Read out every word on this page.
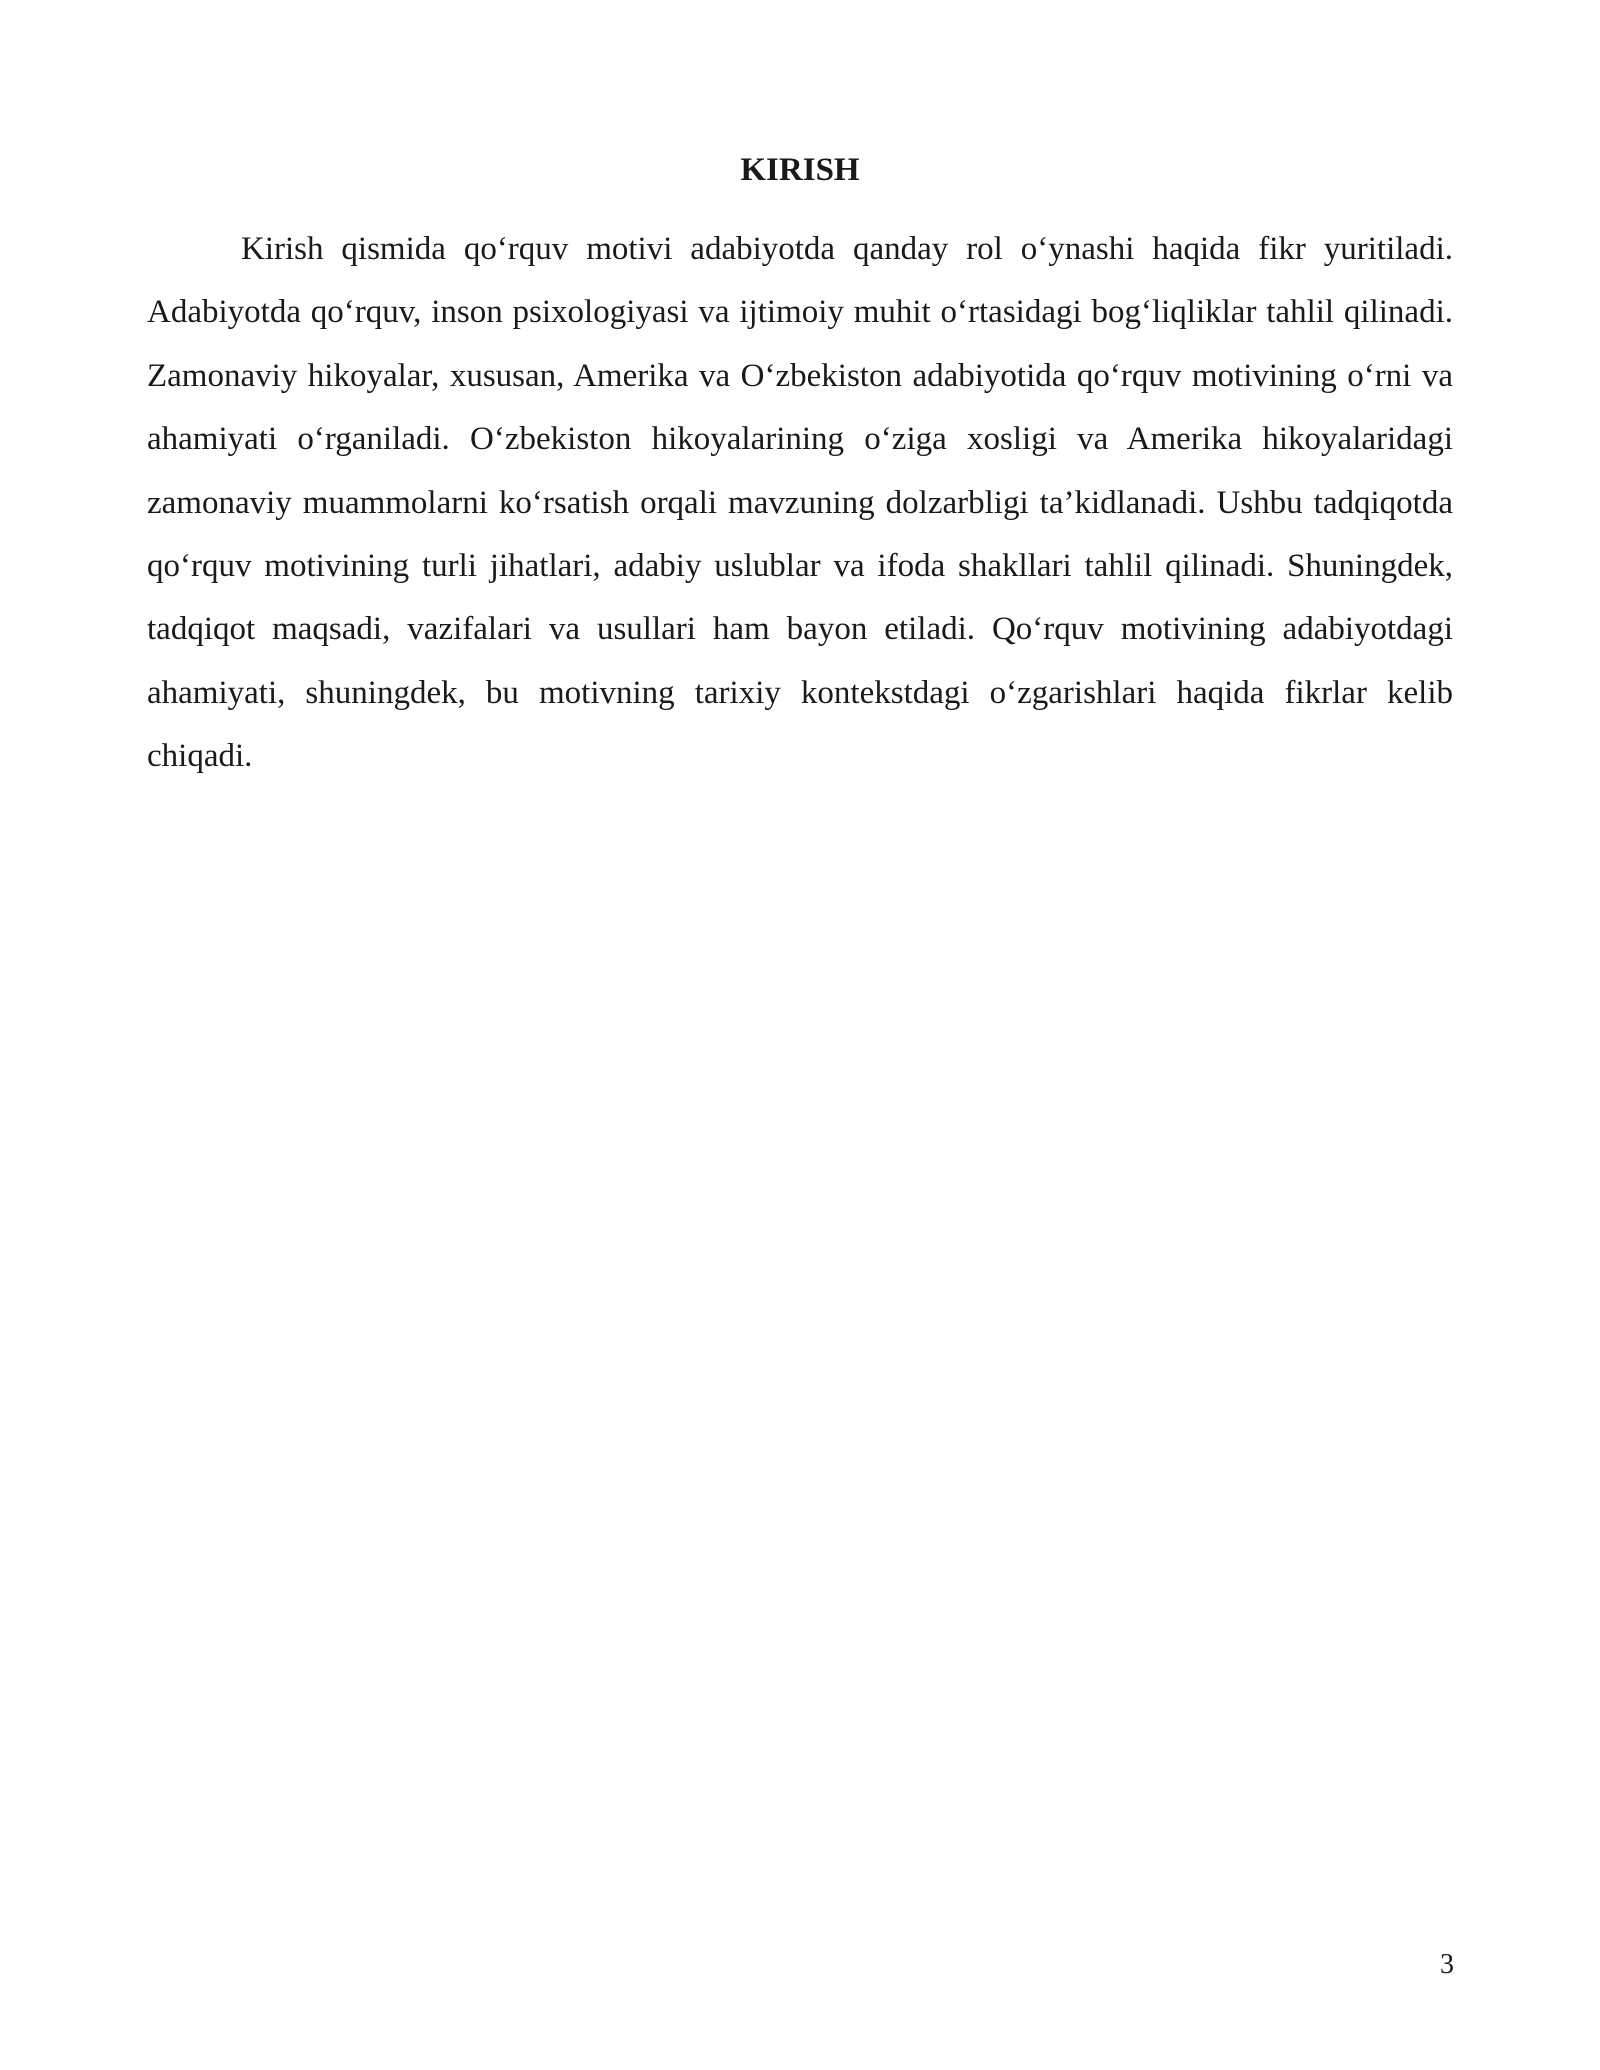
KIRISH

Kirish qismida qo‘rquv motivi adabiyotda qanday rol o‘ynashi haqida fikr yuritiladi. Adabiyotda qo‘rquv, inson psixologiyasi va ijtimoiy muhit o‘rtasidagi bog‘liqliklar tahlil qilinadi. Zamonaviy hikoyalar, xususan, Amerika va O‘zbekiston adabiyotida qo‘rquv motivining o‘rni va ahamiyati o‘rganiladi. O‘zbekiston hikoyalarining o‘ziga xosligi va Amerika hikoyalaridagi zamonaviy muammolarni ko‘rsatish orqali mavzuning dolzarbligi ta’kidlanadi. Ushbu tadqiqotda qo‘rquv motivining turli jihatlari, adabiy uslublar va ifoda shakllari tahlil qilinadi. Shuningdek, tadqiqot maqsadi, vazifalari va usullari ham bayon etiladi. Qo‘rquv motivining adabiyotdagi ahamiyati, shuningdek, bu motivning tarixiy kontekstdagi o‘zgarishlari haqida fikrlar kelib chiqadi.

3
